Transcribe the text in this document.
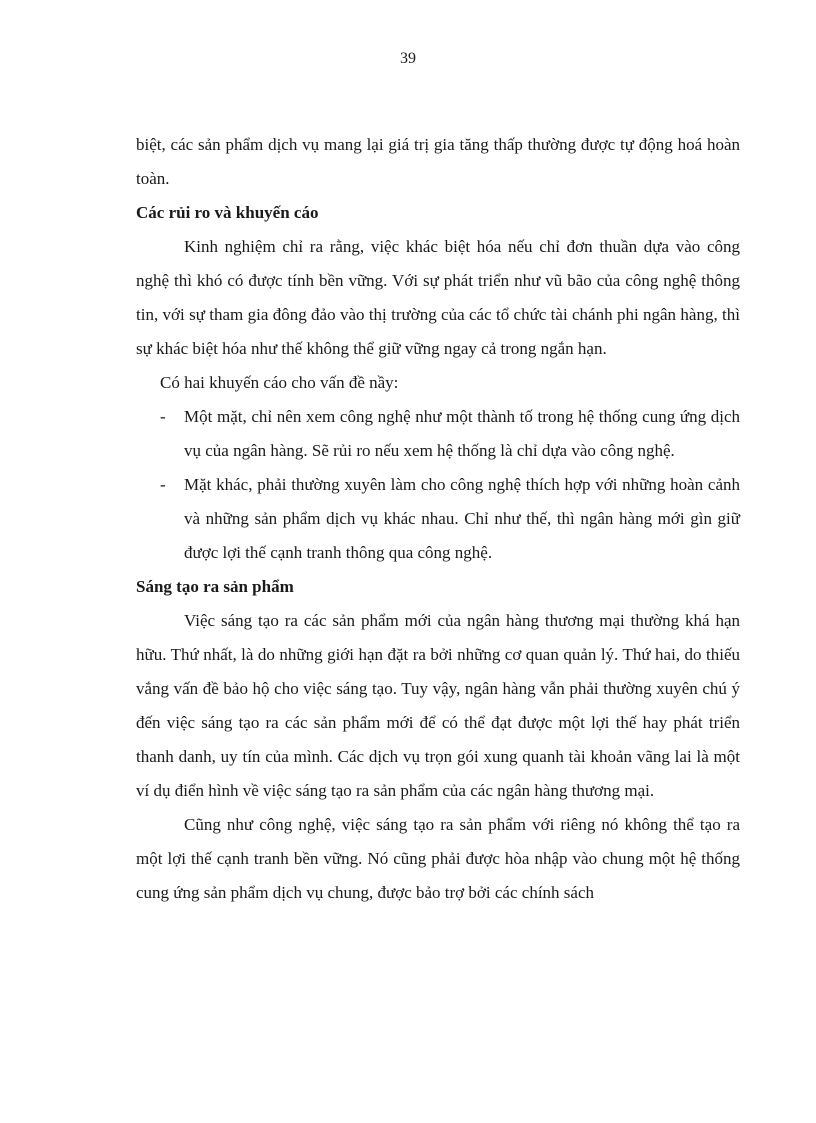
39

biệt, các sản phẩm dịch vụ mang lại giá trị gia tăng thấp thường được tự động hoá hoàn toàn.

Các rủi ro và khuyến cáo

Kinh nghiệm chỉ ra rằng, việc khác biệt hóa nếu chỉ đơn thuần dựa vào công nghệ thì khó có được tính bền vững. Với sự phát triển như vũ bão của công nghệ thông tin, với sự tham gia đông đảo vào thị trường của các tổ chức tài chánh phi ngân hàng, thì sự khác biệt hóa như thế không thể giữ vững ngay cả trong ngắn hạn.

Có hai khuyến cáo cho vấn đề nầy:

- Một mặt, chỉ nên xem công nghệ như một thành tố trong hệ thống cung ứng dịch vụ của ngân hàng. Sẽ rủi ro nếu xem hệ thống là chỉ dựa vào công nghệ.
- Mặt khác, phải thường xuyên làm cho công nghệ thích hợp với những hoàn cảnh và những sản phẩm dịch vụ khác nhau. Chỉ như thế, thì ngân hàng mới gìn giữ được lợi thế cạnh tranh thông qua công nghệ.
Sáng tạo ra sản phẩm

Việc sáng tạo ra các sản phẩm mới của ngân hàng thương mại thường khá hạn hữu. Thứ nhất, là do những giới hạn đặt ra bởi những cơ quan quản lý. Thứ hai, do thiếu vắng vấn đề bảo hộ cho việc sáng tạo. Tuy vậy, ngân hàng vẫn phải thường xuyên chú ý đến việc sáng tạo ra các sản phẩm mới để có thể đạt được một lợi thế hay phát triển thanh danh, uy tín của mình. Các dịch vụ trọn gói xung quanh tài khoản vãng lai là một ví dụ điển hình về việc sáng tạo ra sản phẩm của các ngân hàng thương mại.

Cũng như công nghệ, việc sáng tạo ra sản phẩm với riêng nó không thể tạo ra một lợi thế cạnh tranh bền vững. Nó cũng phải được hòa nhập vào chung một hệ thống cung ứng sản phẩm dịch vụ chung, được bảo trợ bởi các chính sách
